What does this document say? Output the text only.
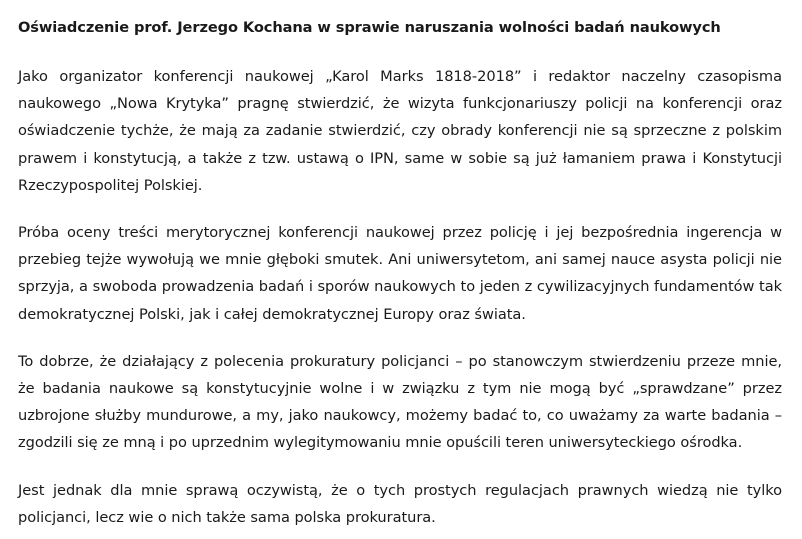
Oświadczenie prof. Jerzego Kochana w sprawie naruszania wolności badań naukowych

Jako organizator konferencji naukowej „Karol Marks 1818-2018” i redaktor naczelny czasopisma naukowego „Nowa Krytyka” pragnę stwierdzić, że wizyta funkcjonariuszy policji na konferencji oraz oświadczenie tychże, że mają za zadanie stwierdzić, czy obrady konferencji nie są sprzeczne z polskim prawem i konstytucją, a także z tzw. ustawą o IPN, same w sobie są już łamaniem prawa i Konstytucji Rzeczypospolitej Polskiej.

Próba oceny treści merytorycznej konferencji naukowej przez policję i jej bezpośrednia ingerencja w przebieg tejże wywołują we mnie głęboki smutek. Ani uniwersytetom, ani samej nauce asysta policji nie sprzyja, a swoboda prowadzenia badań i sporów naukowych to jeden z cywilizacyjnych fundamentów tak demokratycznej Polski, jak i całej demokratycznej Europy oraz świata.

To dobrze, że działający z polecenia prokuratury policjanci – po stanowczym stwierdzeniu przeze mnie, że badania naukowe są konstytucyjnie wolne i w związku z tym nie mogą być „sprawdzane” przez uzbrojone służby mundurowe, a my, jako naukowcy, możemy badać to, co uważamy za warte badania – zgodzili się ze mną i po uprzednim wylegitymowaniu mnie opuścili teren uniwersyteckiego ośrodka.

Jest jednak dla mnie sprawą oczywistą, że o tych prostych regulacjach prawnych wiedzą nie tylko policjanci, lecz wie o nich także sama polska prokuratura.
